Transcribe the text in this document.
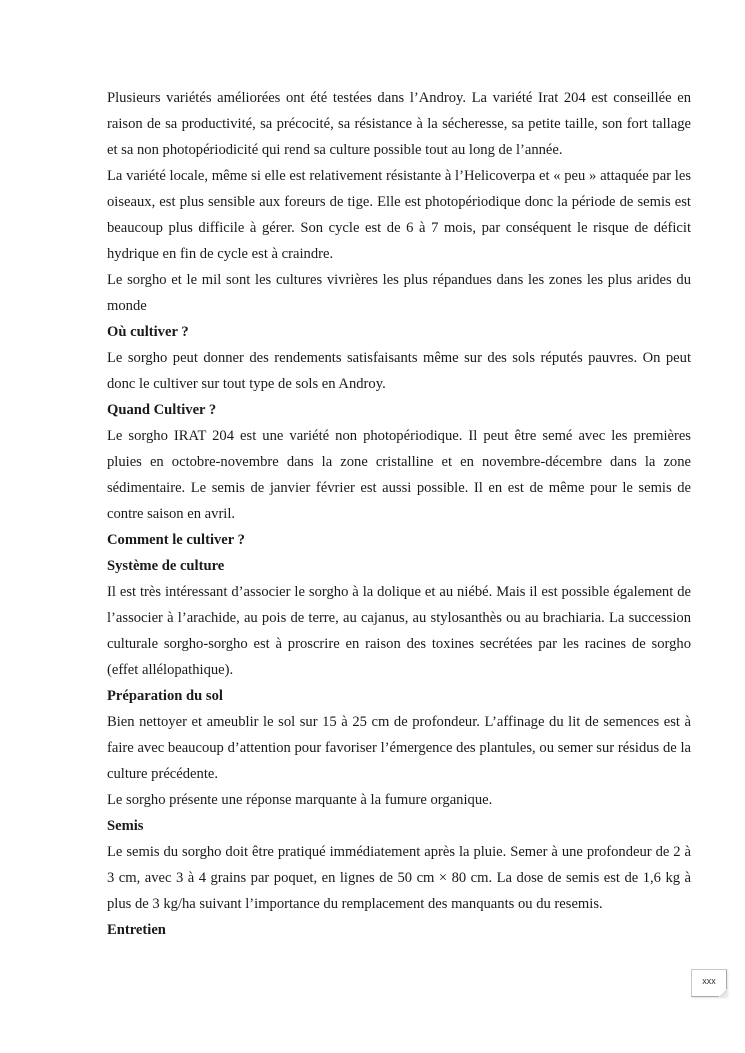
Plusieurs variétés améliorées ont été testées dans l’Androy. La variété Irat 204 est conseillée en raison de sa productivité, sa précocité, sa résistance à la sécheresse, sa petite taille, son fort tallage et sa non photopériodicité qui rend sa culture possible tout au long de l’année.

La variété locale, même si elle est relativement résistante à l’Helicoverpa et « peu » attaquée par les oiseaux, est plus sensible aux foreurs de tige. Elle est photopériodique donc la période de semis est beaucoup plus difficile à gérer. Son cycle est de 6 à 7 mois, par conséquent le risque de déficit hydrique en fin de cycle est à craindre.

Le sorgho et le mil sont les cultures vivrières les plus répandues dans les zones les plus arides du monde

Où cultiver ?

Le sorgho peut donner des rendements satisfaisants même sur des sols réputés pauvres. On peut donc le cultiver sur tout type de sols en Androy.

Quand Cultiver ?

Le sorgho IRAT 204 est une variété non photopériodique. Il peut être semé avec les premières pluies en octobre-novembre dans la zone cristalline et en novembre-décembre dans la zone sédimentaire. Le semis de janvier février est aussi possible. Il en est de même pour le semis de contre saison en avril.

Comment le cultiver ?
Système de culture

Il est très intéressant d’associer le sorgho à la dolique et au niébé. Mais il est possible également de l’associer à l’arachide, au pois de terre, au cajanus, au stylosanthès ou au brachiaria. La succession culturale sorgho-sorgho est à proscrire en raison des toxines secrétées par les racines de sorgho (effet allélopathique).

Préparation du sol

Bien nettoyer et ameublir le sol sur 15 à 25 cm de profondeur. L’affinage du lit de semences est à faire avec beaucoup d’attention pour favoriser l’émergence des plantules, ou semer sur résidus de la culture précédente.

Le sorgho présente une réponse marquante à la fumure organique.

Semis

Le semis du sorgho doit être pratiqué immédiatement après la pluie. Semer à une profondeur de 2 à 3 cm, avec 3 à 4 grains par poquet, en lignes de 50 cm × 80 cm. La dose de semis est de 1,6 kg à plus de 3 kg/ha suivant l’importance du remplacement des manquants ou du resemis.

Entretien
xxx
